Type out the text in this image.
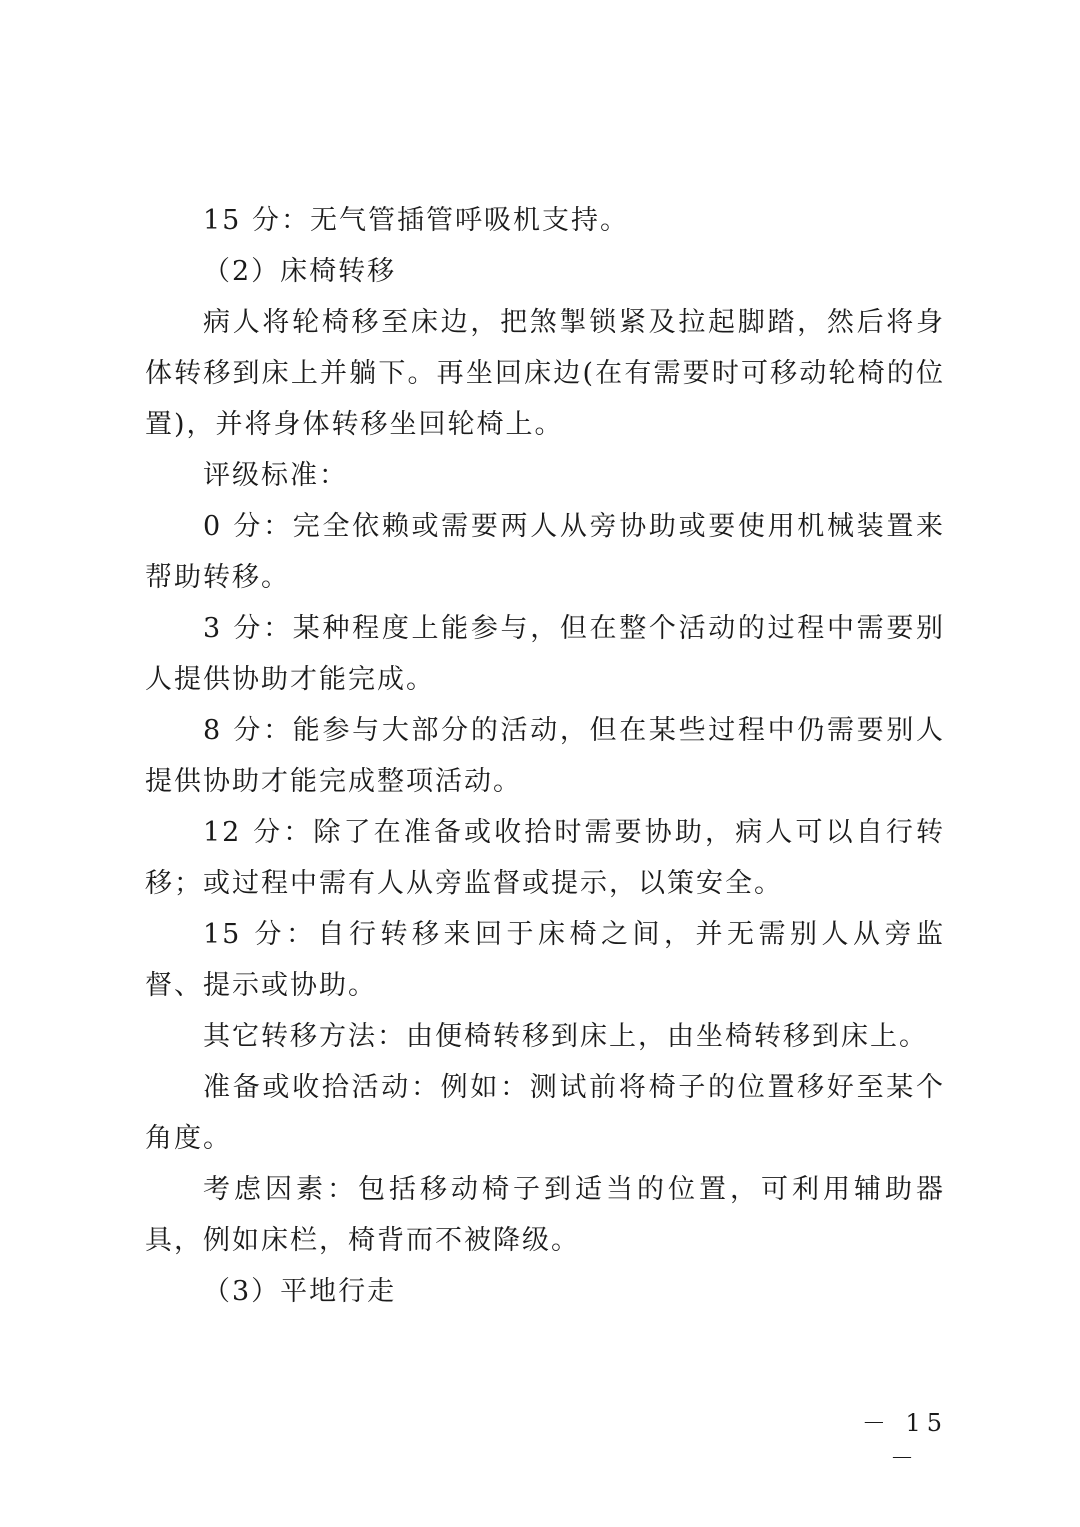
15 分：无气管插管呼吸机支持。

（2）床椅转移

病人将轮椅移至床边，把煞掣锁紧及拉起脚踏，然后将身体转移到床上并躺下。再坐回床边(在有需要时可移动轮椅的位置)，并将身体转移坐回轮椅上。

评级标准：

0 分：完全依赖或需要两人从旁协助或要使用机械装置来帮助转移。

3 分：某种程度上能参与，但在整个活动的过程中需要别人提供协助才能完成。

8 分：能参与大部分的活动，但在某些过程中仍需要别人提供协助才能完成整项活动。

12 分：除了在准备或收拾时需要协助，病人可以自行转移；或过程中需有人从旁监督或提示，以策安全。

15 分：自行转移来回于床椅之间，并无需别人从旁监督、提示或协助。

其它转移方法：由便椅转移到床上，由坐椅转移到床上。

准备或收拾活动：例如：测试前将椅子的位置移好至某个角度。

考虑因素：包括移动椅子到适当的位置，可利用辅助器具，例如床栏，椅背而不被降级。

（3）平地行走

－ 15 －
